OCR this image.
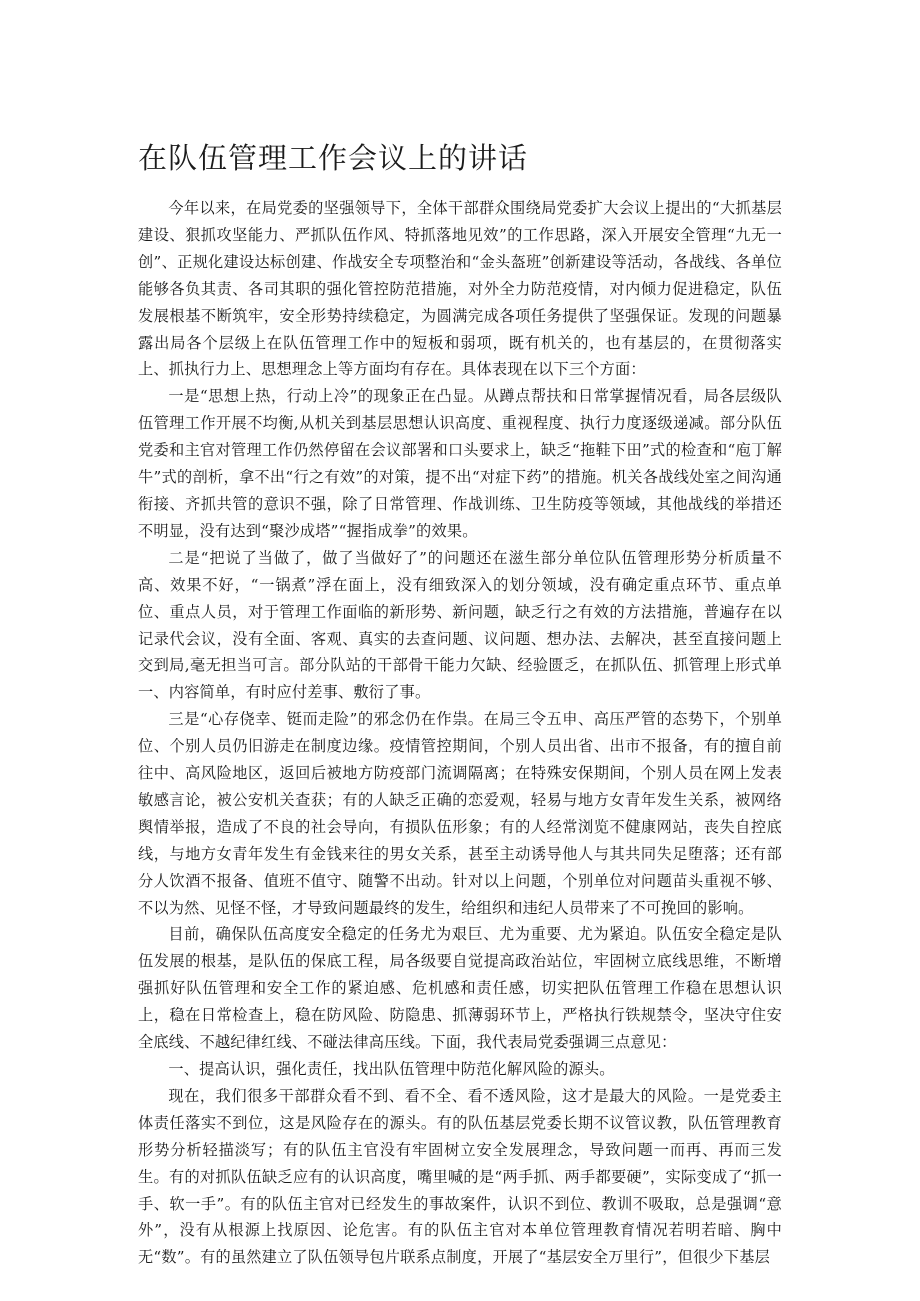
在队伍管理工作会议上的讲话

今年以来，在局党委的坚强领导下，全体干部群众围绕局党委扩大会议上提出的“大抓基层建设、狠抓攻坚能力、严抓队伍作风、特抓落地见效”的工作思路，深入开展安全管理“九无一创”、正规化建设达标创建、作战安全专项整治和“金头盔班”创新建设等活动，各战线、各单位能够各负其责、各司其职的强化管控防范措施，对外全力防范疫情，对内倾力促进稳定，队伍发展根基不断筑牢，安全形势持续稳定，为圆满完成各项任务提供了坚强保证。发现的问题暴露出局各个层级上在队伍管理工作中的短板和弱项，既有机关的，也有基层的，在贯彻落实上、抓执行力上、思想理念上等方面均有存在。具体表现在以下三个方面：

一是“思想上热，行动上冷”的现象正在凸显。从蹲点帮扶和日常掌握情况看，局各层级队伍管理工作开展不均衡,从机关到基层思想认识高度、重视程度、执行力度逐级递减。部分队伍党委和主官对管理工作仍然停留在会议部署和口头要求上，缺乏“拖鞋下田”式的检查和“庖丁解牛”式的剖析，拿不出“行之有效”的对策，提不出“对症下药”的措施。机关各战线处室之间沟通衔接、齐抓共管的意识不强，除了日常管理、作战训练、卫生防疫等领域，其他战线的举措还不明显，没有达到“聚沙成塔”“握指成拳”的效果。

二是“把说了当做了，做了当做好了”的问题还在滋生部分单位队伍管理形势分析质量不高、效果不好，“一锅煮”浮在面上，没有细致深入的划分领域，没有确定重点环节、重点单位、重点人员，对于管理工作面临的新形势、新问题，缺乏行之有效的方法措施，普遍存在以记录代会议，没有全面、客观、真实的去查问题、议问题、想办法、去解决，甚至直接问题上交到局,毫无担当可言。部分队站的干部骨干能力欠缺、经验匮乏，在抓队伍、抓管理上形式单一、内容简单，有时应付差事、敷衍了事。

三是“心存侥幸、铤而走险”的邪念仍在作祟。在局三令五申、高压严管的态势下，个别单位、个别人员仍旧游走在制度边缘。疫情管控期间，个别人员出省、出市不报备，有的擅自前往中、高风险地区，返回后被地方防疫部门流调隔离；在特殊安保期间，个别人员在网上发表敏感言论，被公安机关查获；有的人缺乏正确的恋爱观，轻易与地方女青年发生关系，被网络舆情举报，造成了不良的社会导向，有损队伍形象；有的人经常浏览不健康网站，丧失自控底线，与地方女青年发生有金钱来往的男女关系，甚至主动诱导他人与其共同失足堕落；还有部分人饮酒不报备、值班不值守、随警不出动。针对以上问题，个别单位对问题苗头重视不够、不以为然、见怪不怪，才导致问题最终的发生，给组织和违纪人员带来了不可挽回的影响。

目前，确保队伍高度安全稳定的任务尤为艰巨、尤为重要、尤为紧迫。队伍安全稳定是队伍发展的根基，是队伍的保底工程，局各级要自觉提高政治站位，牢固树立底线思维，不断增强抓好队伍管理和安全工作的紧迫感、危机感和责任感，切实把队伍管理工作稳在思想认识上，稳在日常检查上，稳在防风险、防隐患、抓薄弱环节上，严格执行铁规禁令，坚决守住安全底线、不越纪律红线、不碰法律高压线。下面，我代表局党委强调三点意见：

一、提高认识，强化责任，找出队伍管理中防范化解风险的源头。

现在，我们很多干部群众看不到、看不全、看不透风险，这才是最大的风险。一是党委主体责任落实不到位，这是风险存在的源头。有的队伍基层党委长期不议管议教，队伍管理教育形势分析轻描淡写；有的队伍主官没有牢固树立安全发展理念，导致问题一而再、再而三发生。有的对抓队伍缺乏应有的认识高度，嘴里喊的是“两手抓、两手都要硬”，实际变成了“抓一手、软一手”。有的队伍主官对已经发生的事故案件，认识不到位、教训不吸取，总是强调“意外”，没有从根源上找原因、论危害。有的队伍主官对本单位管理教育情况若明若暗、胸中无“数”。有的虽然建立了队伍领导包片联系点制度，开展了“基层安全万里行”，但很少下基层
